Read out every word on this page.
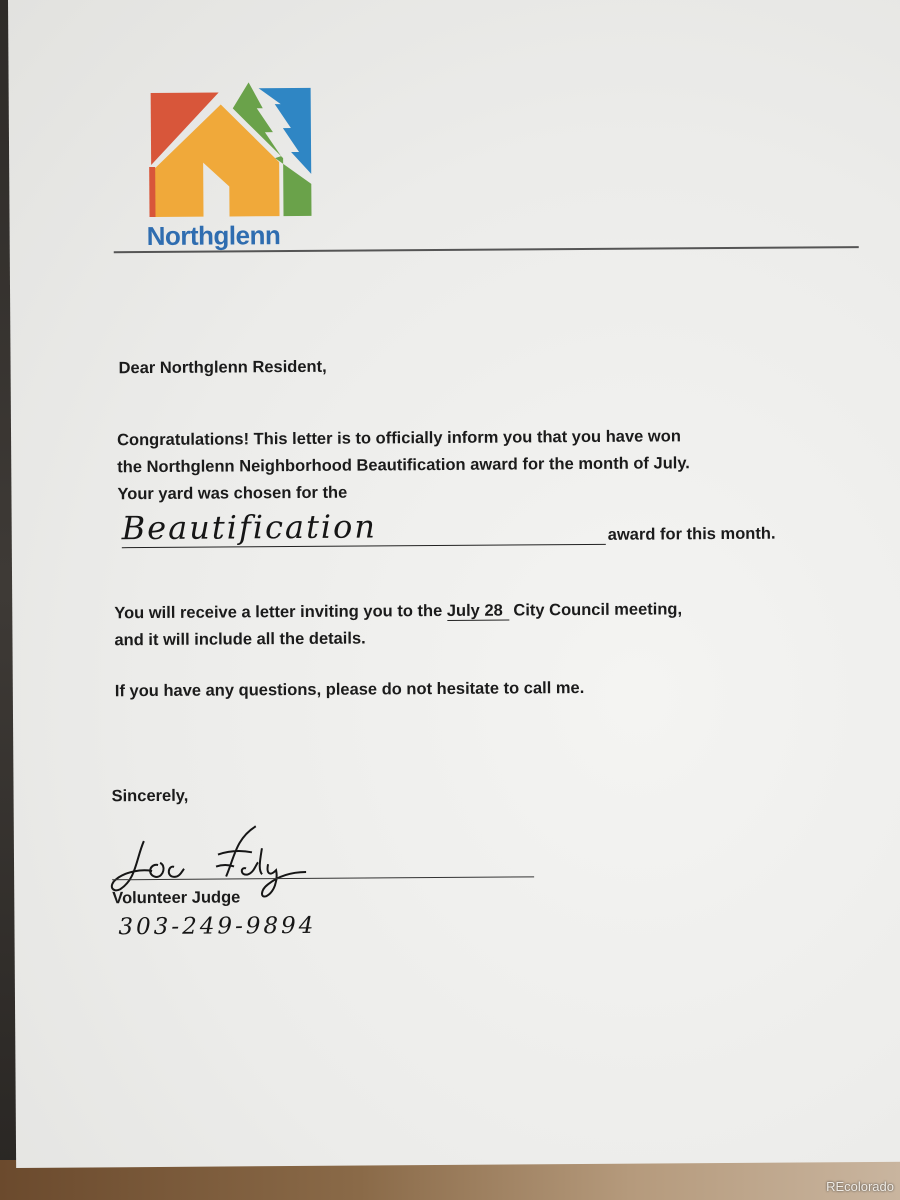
Northglenn
Dear Northglenn Resident,
Congratulations! This letter is to officially inform you that you have won
the Northglenn Neighborhood Beautification award for the month of July.
Your yard was chosen for the
Beautification	award for this month.
You will receive a letter inviting you to the July 28 City Council meeting,
and it will include all the details.
If you have any questions, please do not hesitate to call me.
Sincerely,
Volunteer Judge
303-249-9894
REcolorado
